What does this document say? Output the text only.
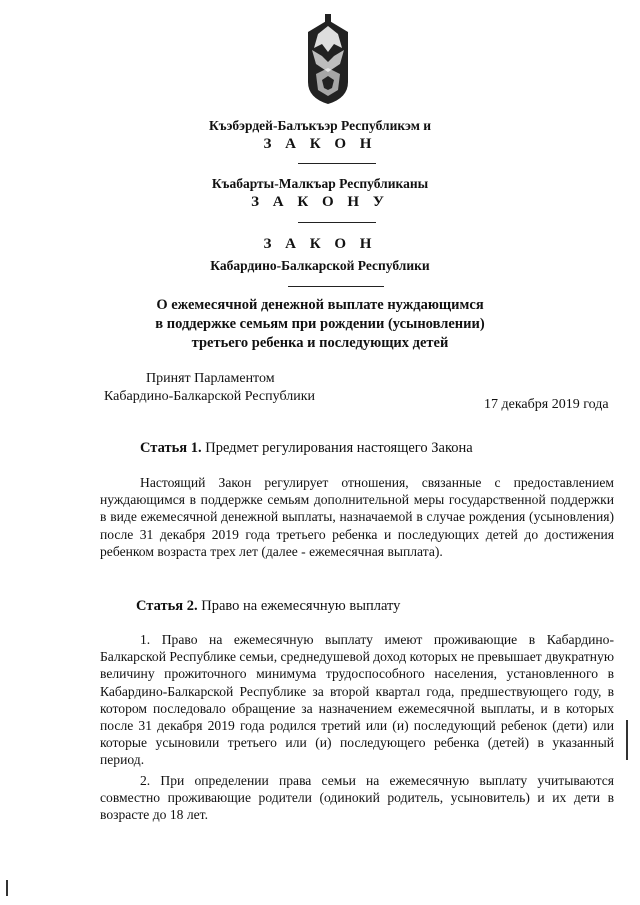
Къэбэрдей-Балъкъэр Республикэм и
З А К О Н
Къабарты-Малкъар Республиканы
З А К О Н У
З А К О Н
Кабардино-Балкарской Республики
О ежемесячной денежной выплате нуждающимся
в поддержке семьям при рождении (усыновлении)
третьего ребенка и последующих детей
Принят Парламентом
Кабардино-Балкарской Республики
17 декабря 2019 года
Статья 1. Предмет регулирования настоящего Закона

Настоящий Закон регулирует отношения, связанные с предоставлением нуждающимся в поддержке семьям дополнительной меры государственной поддержки в виде ежемесячной денежной выплаты, назначаемой в случае рождения (усыновления) после 31 декабря 2019 года третьего ребенка и последующих детей до достижения ребенком возраста трех лет (далее - ежемесячная выплата).

Статья 2. Право на ежемесячную выплату

1. Право на ежемесячную выплату имеют проживающие в Кабардино-Балкарской Республике семьи, среднедушевой доход которых не превышает двукратную величину прожиточного минимума трудоспособного населения, установленного в Кабардино-Балкарской Республике за второй квартал года, предшествующего году, в котором последовало обращение за назначением ежемесячной выплаты, и в которых после 31 декабря 2019 года родился третий или (и) последующий ребенок (дети) или которые усыновили третьего или (и) последующего ребенка (детей) в указанный период.

2. При определении права семьи на ежемесячную выплату учитываются совместно проживающие родители (одинокий родитель, усыновитель) и их дети в возрасте до 18 лет.
